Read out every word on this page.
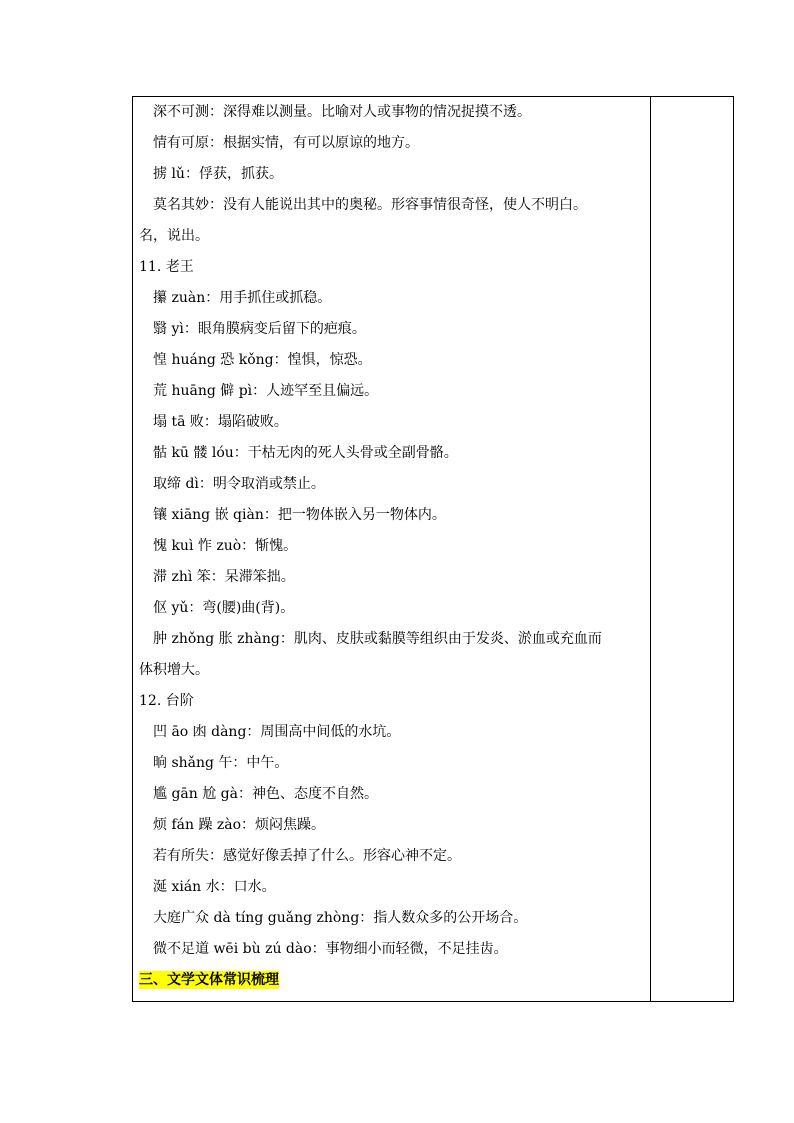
深不可测：深得难以测量。比喻对人或事物的情况捉摸不透。
情有可原：根据实情，有可以原谅的地方。
掳 lǔ：俘获，抓获。
莫名其妙：没有人能说出其中的奥秘。形容事情很奇怪，使人不明白。
名，说出。
11. 老王
攥 zuàn：用手抓住或抓稳。
翳 yì：眼角膜病变后留下的疤痕。
惶 huáng 恐 kǒng：惶惧，惊恐。
荒 huāng 僻 pì：人迹罕至且偏远。
塌 tā 败：塌陷破败。
骷 kū 髅 lóu：干枯无肉的死人头骨或全副骨骼。
取缔 dì：明令取消或禁止。
镶 xiāng 嵌 qiàn：把一物体嵌入另一物体内。
愧 kuì 怍 zuò：惭愧。
滞 zhì 笨：呆滞笨拙。
伛 yǔ：弯(腰)曲(背)。
肿 zhǒng 胀 zhàng：肌肉、皮肤或黏膜等组织由于发炎、淤血或充血而
体积增大。
12. 台阶
凹 āo 凼 dàng：周围高中间低的水坑。
晌 shǎng 午：中午。
尴 gān 尬 gà：神色、态度不自然。
烦 fán 躁 zào：烦闷焦躁。
若有所失：感觉好像丢掉了什么。形容心神不定。
涎 xián 水：口水。
大庭广众 dà tíng guǎng zhòng：指人数众多的公开场合。
微不足道 wēi bù zú dào：事物细小而轻微，不足挂齿。
三、文学文体常识梳理
